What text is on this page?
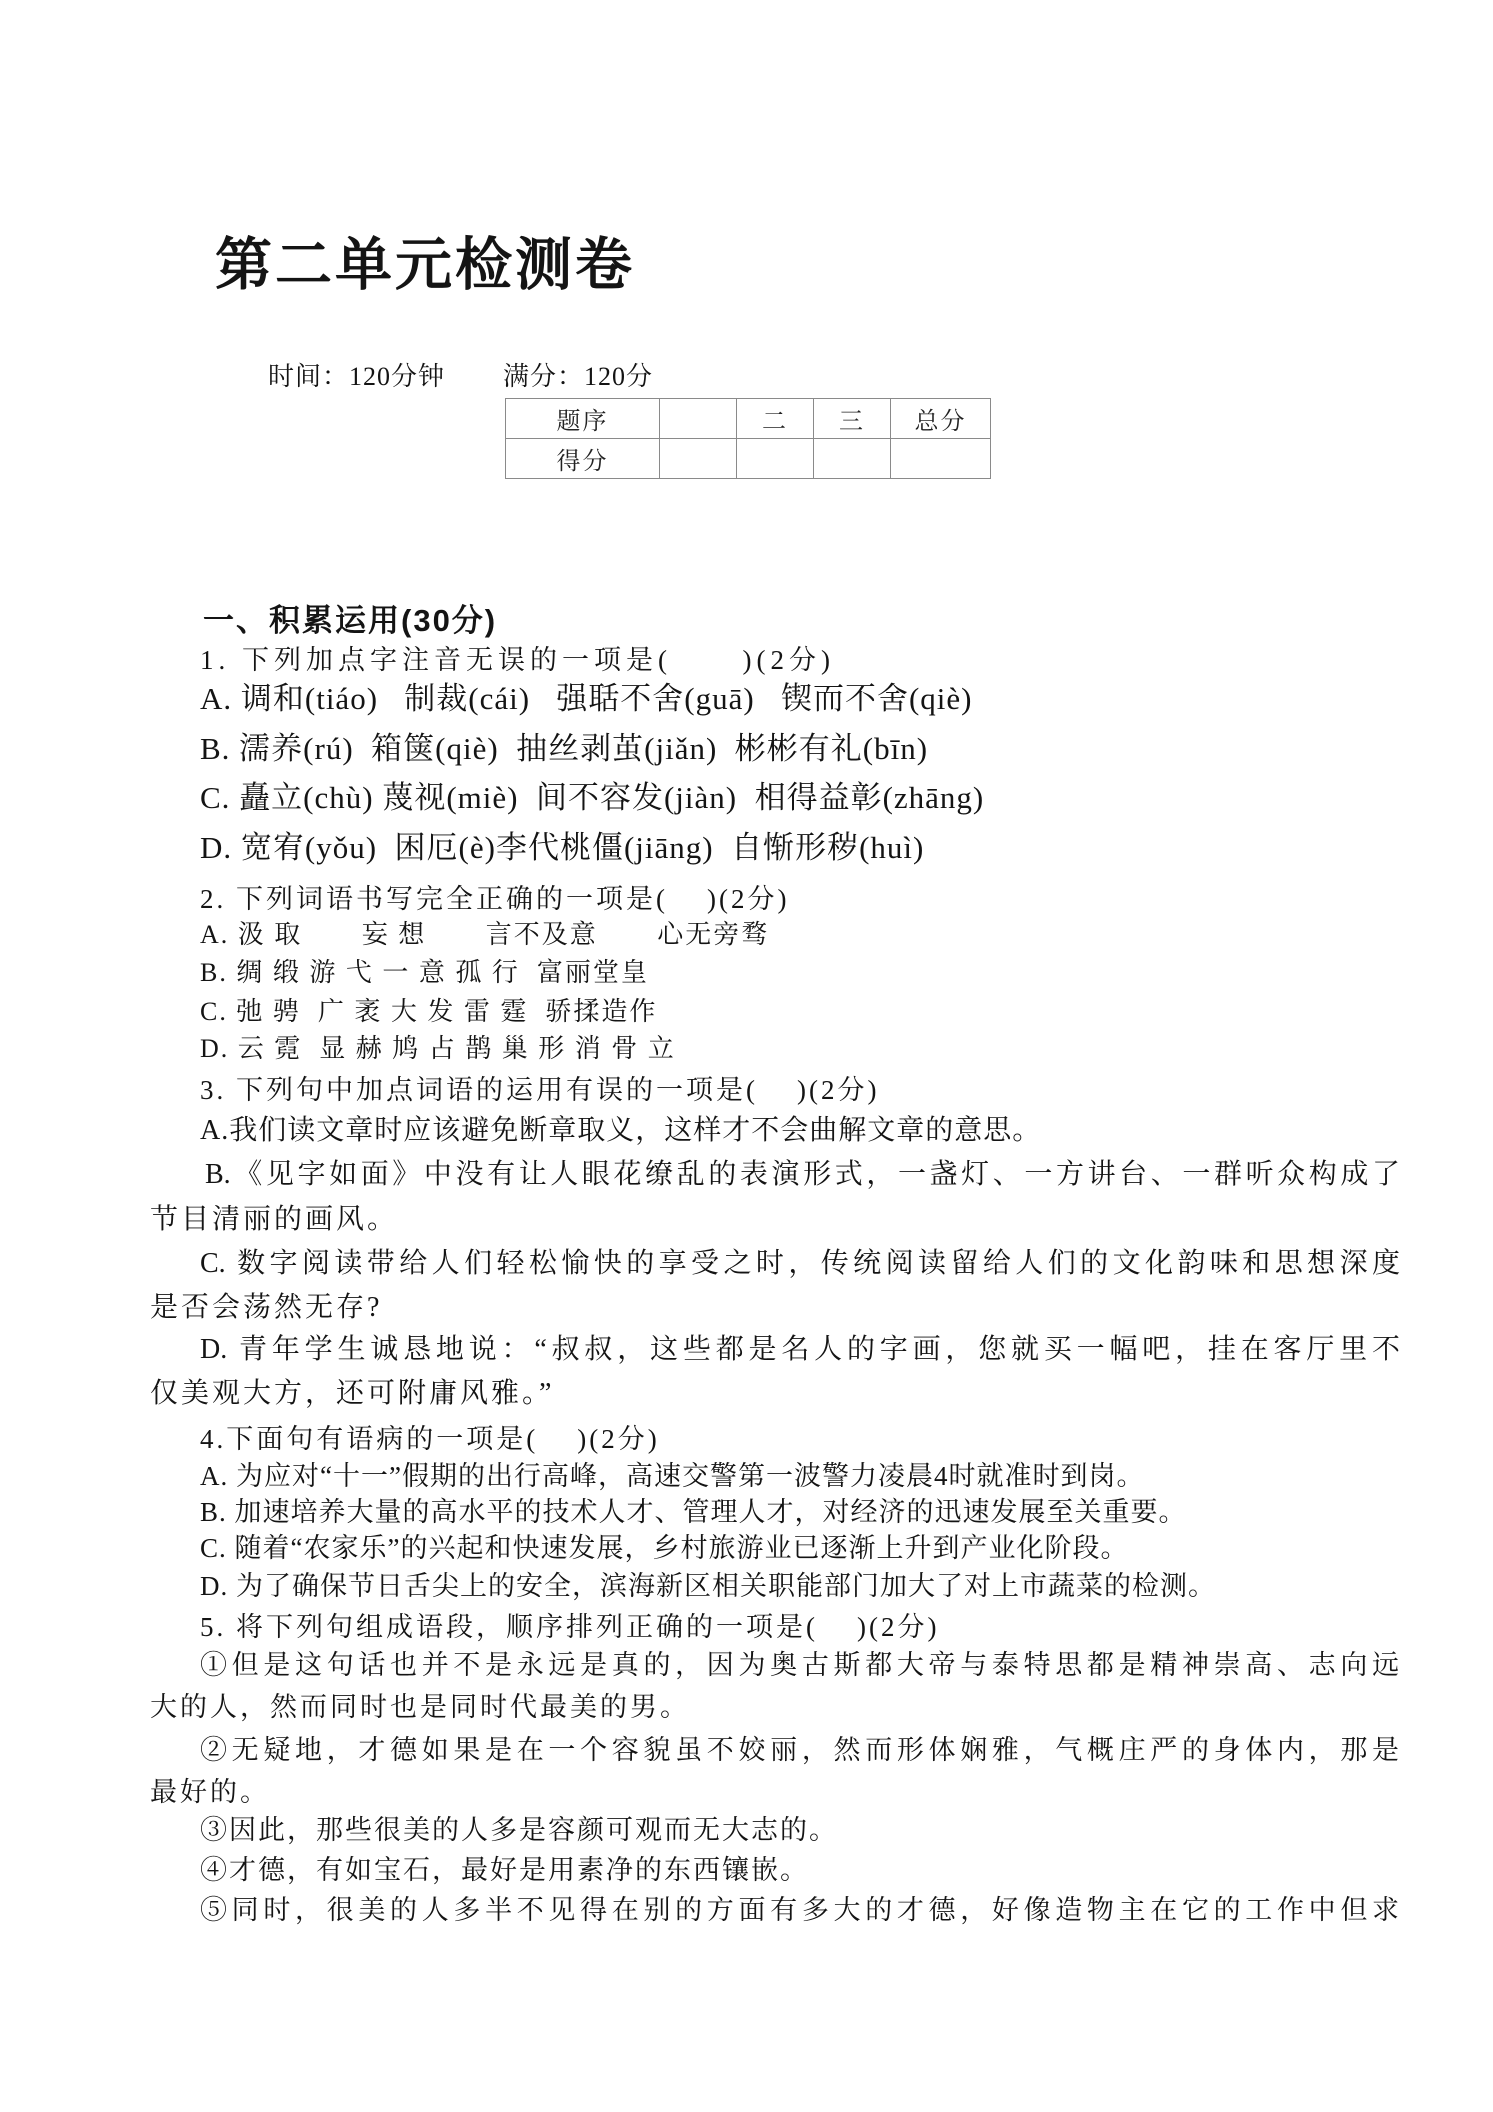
第二单元检测卷
时间：120分钟 满分：120分
题序		二	三	总分
得分				
一、积累运用(30分)
1. 下列加点字注音无误的一项是(      )(2分)
A. 调和(tiáo)   制裁(cái)   强聒不舍(guā)   锲而不舍(qiè)
B. 濡养(rú)  箱箧(qiè)  抽丝剥茧(jiǎn)  彬彬有礼(bīn)
C. 矗立(chù) 蔑视(miè)  间不容发(jiàn)  相得益彰(zhāng)
D. 宽宥(yǒu)  困厄(è)李代桃僵(jiāng)  自惭形秽(huì)
2. 下列词语书写完全正确的一项是(    )(2分)
A. 汲 取       妄 想       言不及意       心无旁骛
B. 绸 缎 游 弋 一 意 孤 行  富丽堂皇
C. 弛 骋  广 袤 大 发 雷 霆  骄揉造作
D. 云 霓  显 赫 鸠 占 鹊 巢 形 消 骨 立
3. 下列句中加点词语的运用有误的一项是(    )(2分)
A.我们读文章时应该避免断章取义，这样才不会曲解文章的意思。
B.《见字如面》中没有让人眼花缭乱的表演形式，一盏灯、一方讲台、一群听众构成了
节目清丽的画风。
C. 数字阅读带给人们轻松愉快的享受之时，传统阅读留给人们的文化韵味和思想深度
是否会荡然无存?
D. 青年学生诚恳地说：“叔叔，这些都是名人的字画，您就买一幅吧，挂在客厅里不
仅美观大方，还可附庸风雅。”
4.下面句有语病的一项是(    )(2分)
A. 为应对“十一”假期的出行高峰，高速交警第一波警力凌晨4时就准时到岗。
B. 加速培养大量的高水平的技术人才、管理人才，对经济的迅速发展至关重要。
C. 随着“农家乐”的兴起和快速发展，乡村旅游业已逐渐上升到产业化阶段。
D. 为了确保节日舌尖上的安全，滨海新区相关职能部门加大了对上市蔬菜的检测。
5. 将下列句组成语段，顺序排列正确的一项是(    )(2分)
①但是这句话也并不是永远是真的，因为奥古斯都大帝与泰特思都是精神崇高、志向远
大的人，然而同时也是同时代最美的男。
②无疑地，才德如果是在一个容貌虽不姣丽，然而形体娴雅，气概庄严的身体内，那是
最好的。
③因此，那些很美的人多是容颜可观而无大志的。
④才德，有如宝石，最好是用素净的东西镶嵌。
⑤同时，很美的人多半不见得在别的方面有多大的才德，好像造物主在它的工作中但求
